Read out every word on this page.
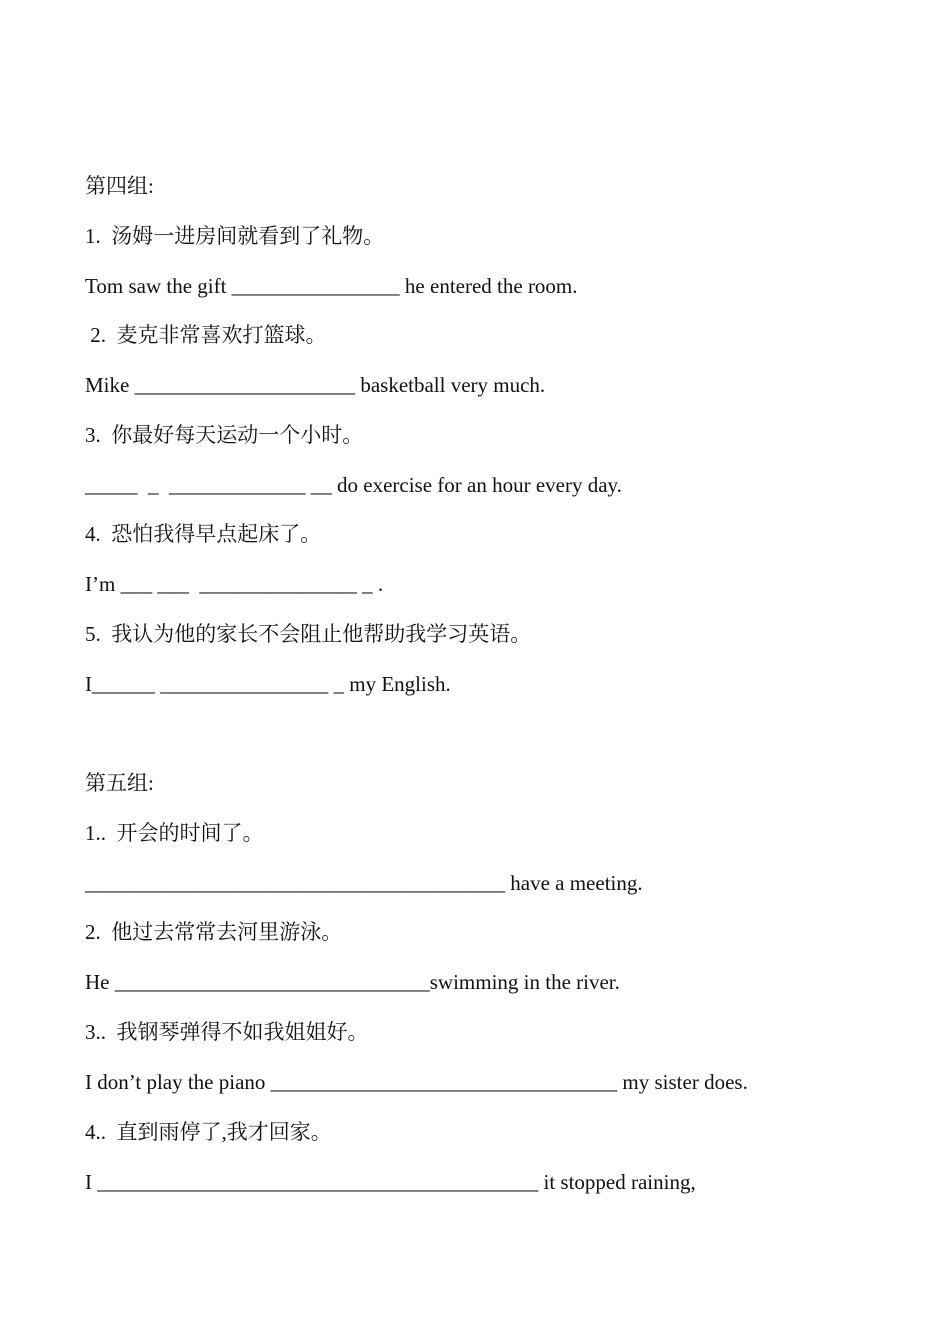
第四组:
1.  汤姆一进房间就看到了礼物。
Tom saw the gift ________________ he entered the room.
2.  麦克非常喜欢打篮球。
Mike _____________________ basketball very much.
3.  你最好每天运动一个小时。
_____  _  _____________ __ do exercise for an hour every day.
4.  恐怕我得早点起床了。
I’m ___ ___  _______________ _ .
5.  我认为他的家长不会阻止他帮助我学习英语。
I______ ________________ _ my English.
第五组:
1..  开会的时间了。
________________________________________ have a meeting.
2.  他过去常常去河里游泳。
He ______________________________swimming in the river.
3..  我钢琴弹得不如我姐姐好。
I don’t play the piano _________________________________ my sister does.
4..  直到雨停了,我才回家。
I __________________________________________ it stopped raining,
